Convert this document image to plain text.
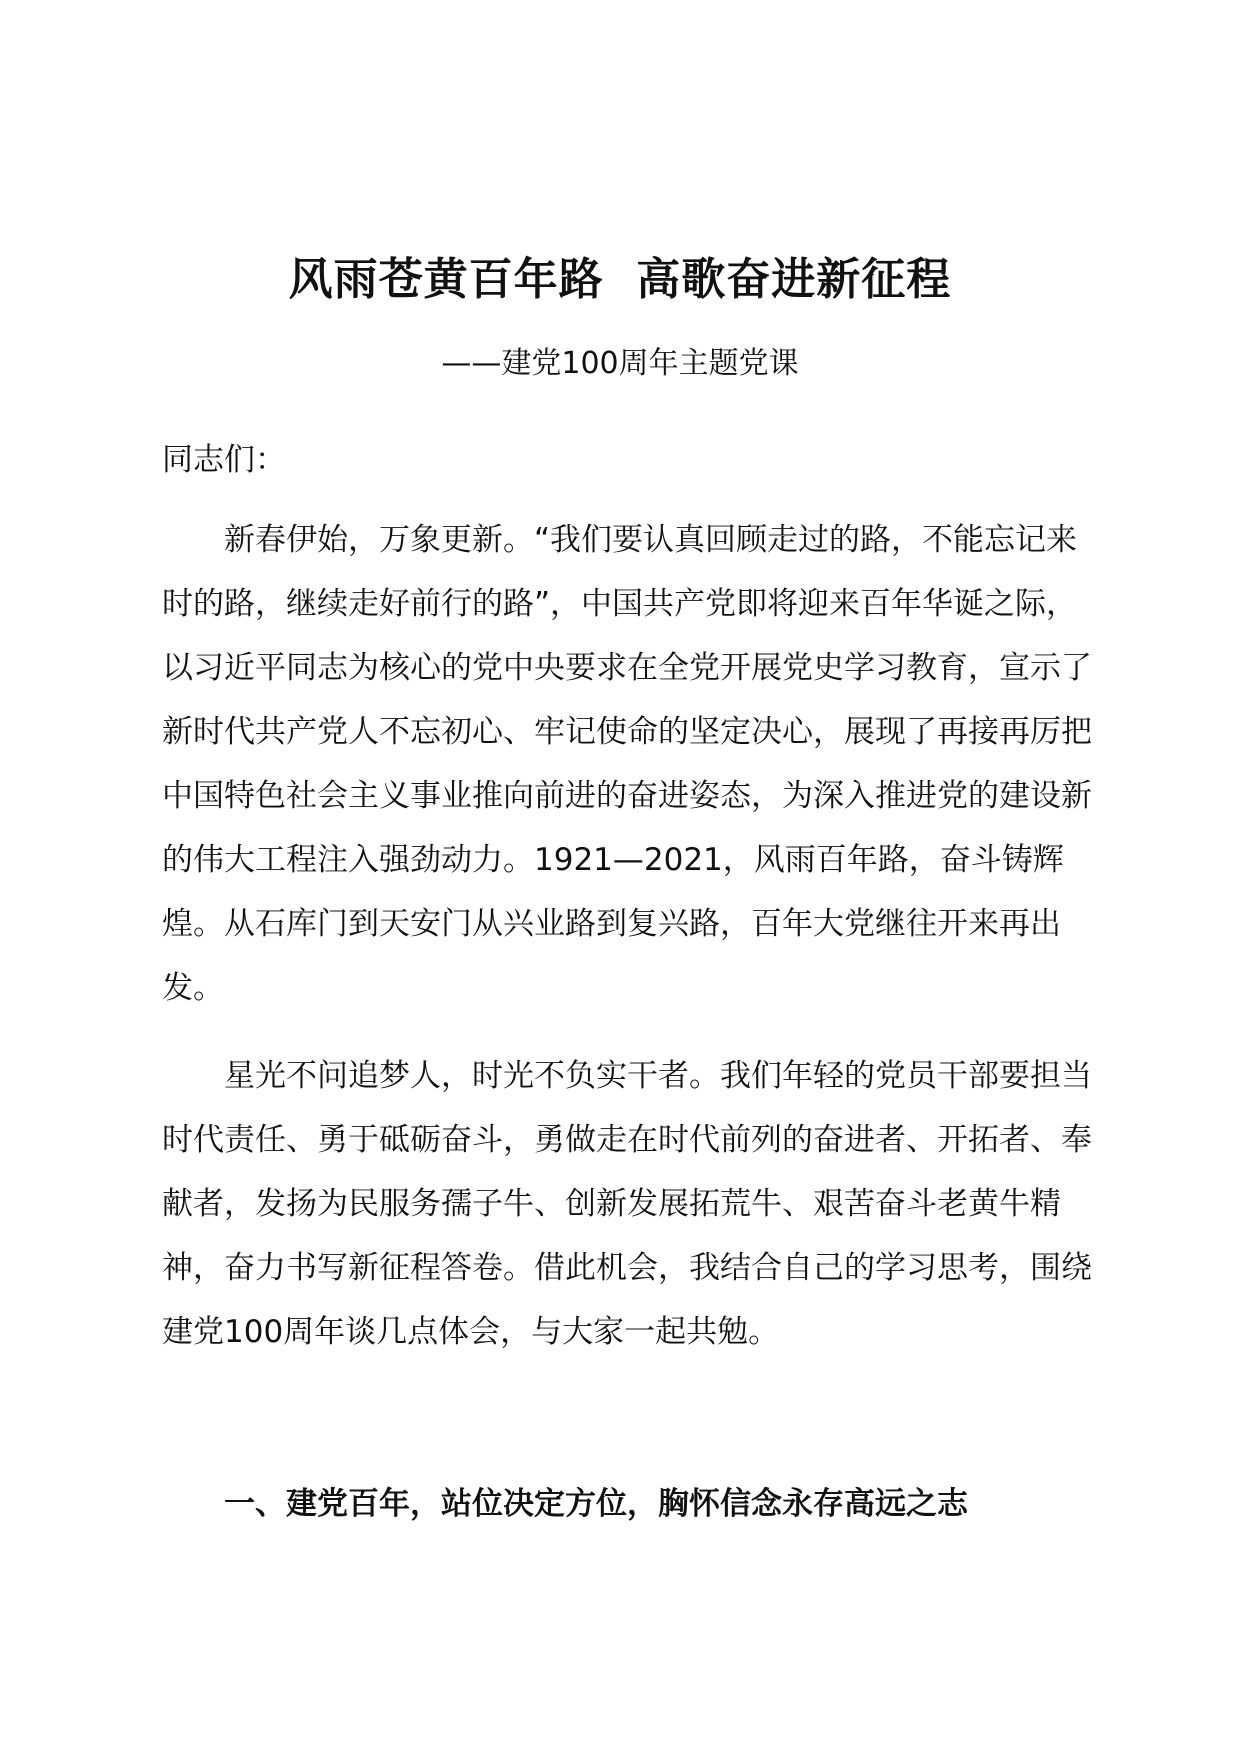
风雨苍黄百年路  高歌奋进新征程
——建党100周年主题党课
同志们：
新春伊始，万象更新。“我们要认真回顾走过的路，不能忘记来时的路，继续走好前行的路”，中国共产党即将迎来百年华诞之际，以习近平同志为核心的党中央要求在全党开展党史学习教育，宣示了新时代共产党人不忘初心、牢记使命的坚定决心，展现了再接再厉把中国特色社会主义事业推向前进的奋进姿态，为深入推进党的建设新的伟大工程注入强劲动力。1921—2021，风雨百年路，奋斗铸辉煌。从石库门到天安门从兴业路到复兴路，百年大党继往开来再出发。
星光不问追梦人，时光不负实干者。我们年轻的党员干部要担当时代责任、勇于砥砺奋斗，勇做走在时代前列的奋进者、开拓者、奉献者，发扬为民服务孺子牛、创新发展拓荒牛、艰苦奋斗老黄牛精神，奋力书写新征程答卷。借此机会，我结合自己的学习思考，围绕建党100周年谈几点体会，与大家一起共勉。
一、建党百年，站位决定方位，胸怀信念永存高远之志
